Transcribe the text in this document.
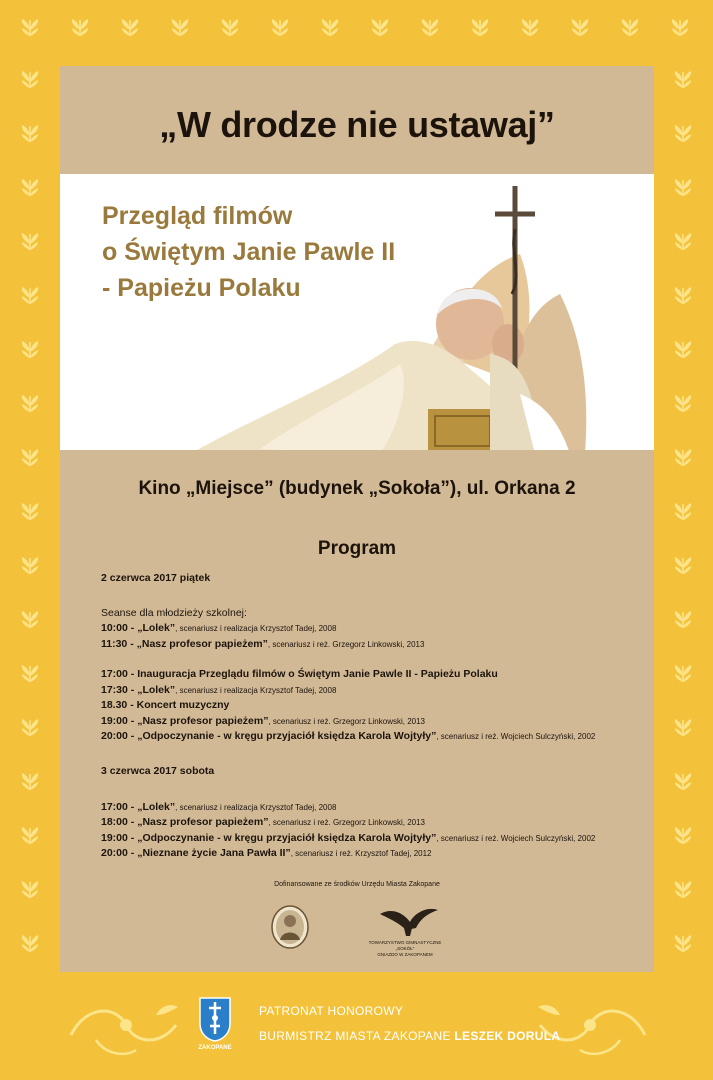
„W drodze nie ustawaj”
Przegląd filmów
o Świętym Janie Pawle II
- Papieżu Polaku
Kino „Miejsce” (budynek „Sokoła”), ul. Orkana 2
Program
2 czerwca 2017 piątek
Seanse dla młodzieży szkolnej:
10:00 - „Lolek”, scenariusz i realizacja Krzysztof Tadej, 2008
11:30 - „Nasz profesor papieżem”, scenariusz i reż. Grzegorz Linkowski, 2013
17:00 - Inauguracja Przeglądu filmów o Świętym Janie Pawle II - Papieżu Polaku
17:30 - „Lolek”, scenariusz i realizacja Krzysztof Tadej, 2008
18.30 - Koncert muzyczny
19:00 - „Nasz profesor papieżem”, scenariusz i reż. Grzegorz Linkowski, 2013
20:00 - „Odpoczynanie - w kręgu przyjaciół księdza Karola Wojtyły”, scenariusz i reż. Wojciech Sulczyński, 2002
3 czerwca 2017 sobota
17:00 - „Lolek”, scenariusz i realizacja Krzysztof Tadej, 2008
18:00 - „Nasz profesor papieżem”, scenariusz i reż. Grzegorz Linkowski, 2013
19:00 - „Odpoczynanie - w kręgu przyjaciół księdza Karola Wojtyły”, scenariusz i reż. Wojciech Sulczyński, 2002
20:00 - „Nieznane życie Jana Pawła II”, scenariusz i reż. Krzysztof Tadej, 2012
Dofinansowane ze środków Urzędu Miasta Zakopane
TOWARZYSTWO GIMNASTYCZNE „SOKÓŁ”
GNIAZDO W ZAKOPANEM
ZAKOPANE
PATRONAT HONOROWY
BURMISTRZ MIASTA ZAKOPANE LESZEK DORULA
